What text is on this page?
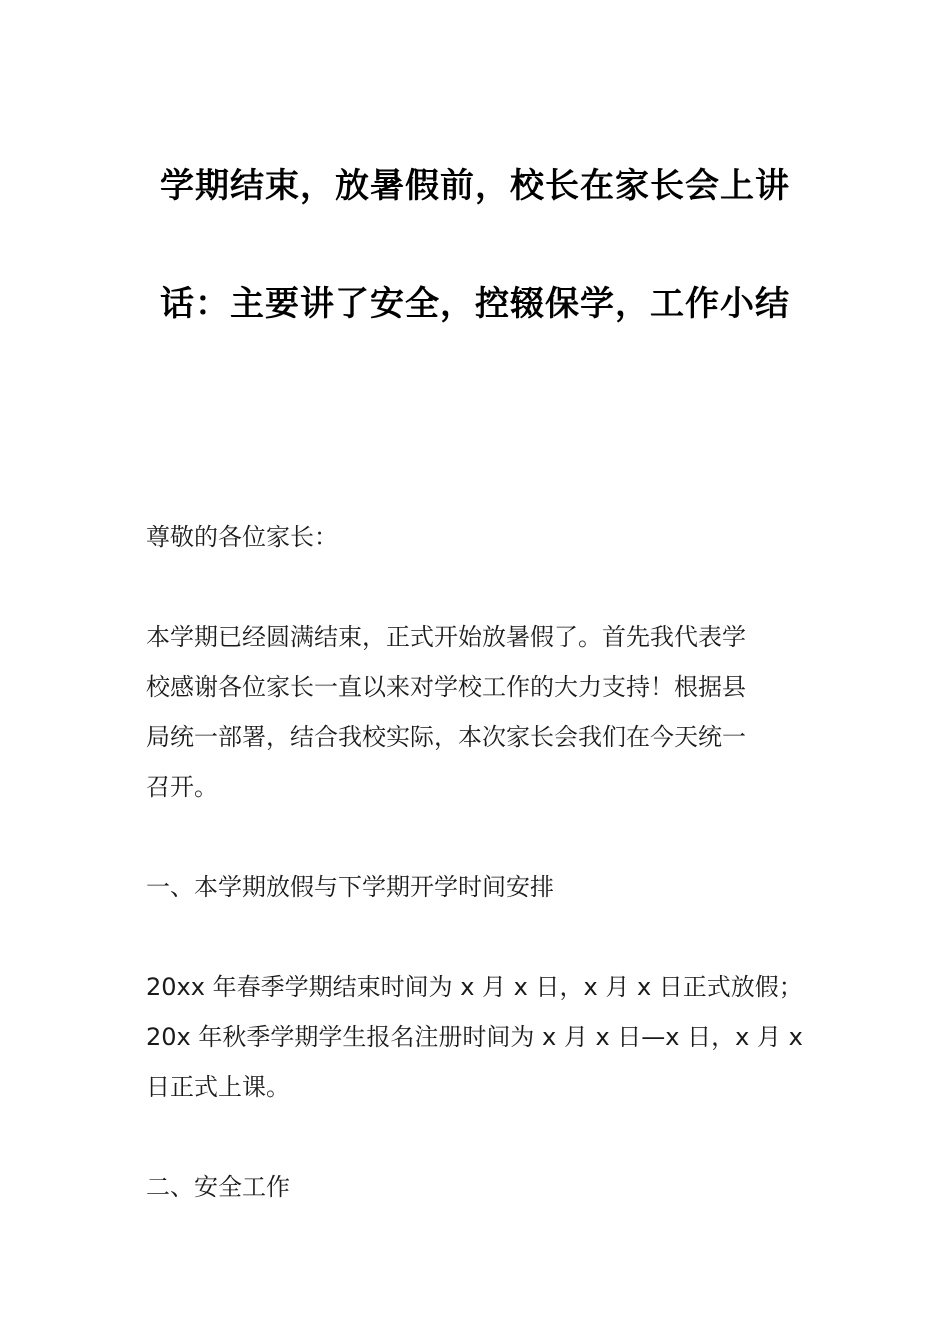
学期结束，放暑假前，校长在家长会上讲
话：主要讲了安全，控辍保学，工作小结
尊敬的各位家长：
本学期已经圆满结束，正式开始放暑假了。首先我代表学
校感谢各位家长一直以来对学校工作的大力支持！根据县
局统一部署，结合我校实际，本次家长会我们在今天统一
召开。
一、本学期放假与下学期开学时间安排
20xx 年春季学期结束时间为 x 月 x 日，x 月 x 日正式放假；
20x 年秋季学期学生报名注册时间为 x 月 x 日—x 日，x 月 x
日正式上课。
二、安全工作
